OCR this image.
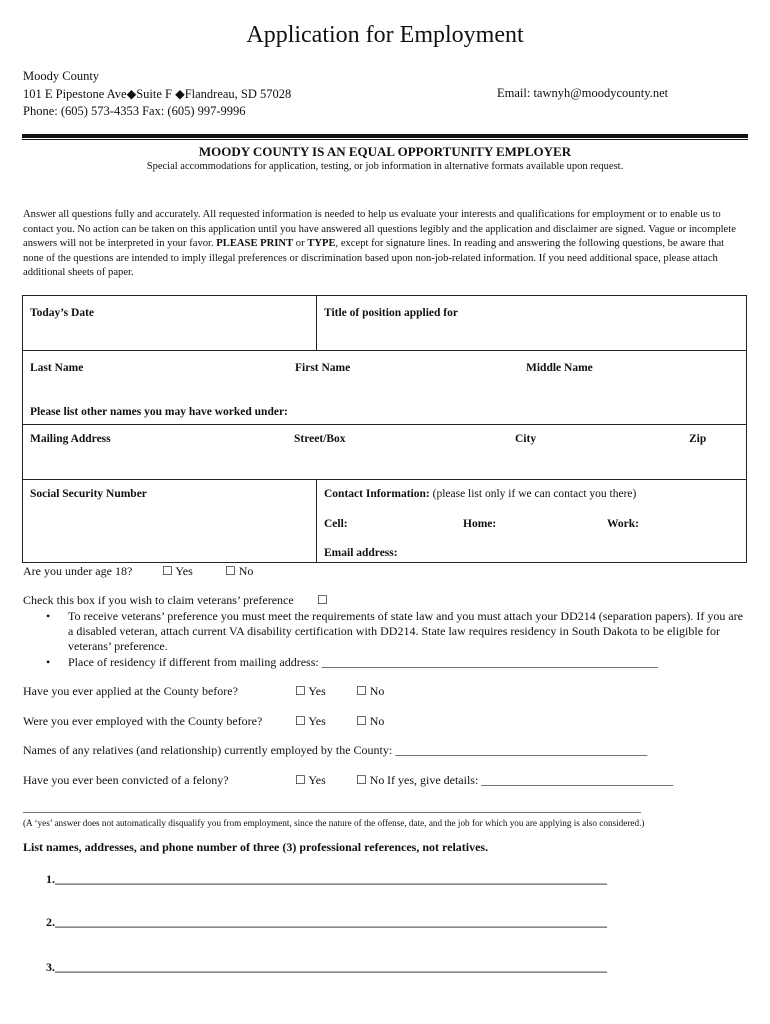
Application for Employment
Moody County
101 E Pipestone Ave◆Suite F ◆Flandreau, SD 57028
Phone: (605) 573-4353 Fax: (605) 997-9996
Email: tawnyh@moodycounty.net
MOODY COUNTY IS AN EQUAL OPPORTUNITY EMPLOYER
Special accommodations for application, testing, or job information in alternative formats available upon request.
Answer all questions fully and accurately. All requested information is needed to help us evaluate your interests and qualifications for employment or to enable us to contact you. No action can be taken on this application until you have answered all questions legibly and the application and disclaimer are signed. Vague or incomplete answers will not be interpreted in your favor. PLEASE PRINT or TYPE, except for signature lines. In reading and answering the following questions, be aware that none of the questions are intended to imply illegal preferences or discrimination based upon non-job-related information. If you need additional space, please attach additional sheets of paper.
Today’s Date	Title of position applied for
Last Name	First Name	Middle Name
Please list other names you may have worked under:
Mailing Address	Street/Box	City	Zip
Social Security Number	Contact Information: (please list only if we can contact you there)
Cell:	Home:	Work:
Email address:
Are you under age 18? ☐ Yes	☐ No
Check this box if you wish to claim veterans’ preference ☐
• To receive veterans’ preference you must meet the requirements of state law and you must attach your DD214 (separation papers). If you are a disabled veteran, attach current VA disability certification with DD214. State law requires residency in South Dakota to be eligible for veterans’ preference.
• Place of residency if different from mailing address: ________________________________________________________
Have you ever applied at the County before?	☐ Yes	☐ No
Were you ever employed with the County before?	☐ Yes	☐ No
Names of any relatives (and relationship) currently employed by the County: __________________________________________
Have you ever been convicted of a felony?	☐ Yes	☐ No If yes, give details: ________________________________
_______________________________________________________________________________________________________
(A ‘yes’ answer does not automatically disqualify you from employment, since the nature of the offense, date, and the job for which you are applying is also considered.)
List names, addresses, and phone number of three (3) professional references, not relatives.
1.____________________________________________________________________________________________
2.____________________________________________________________________________________________
3.____________________________________________________________________________________________
